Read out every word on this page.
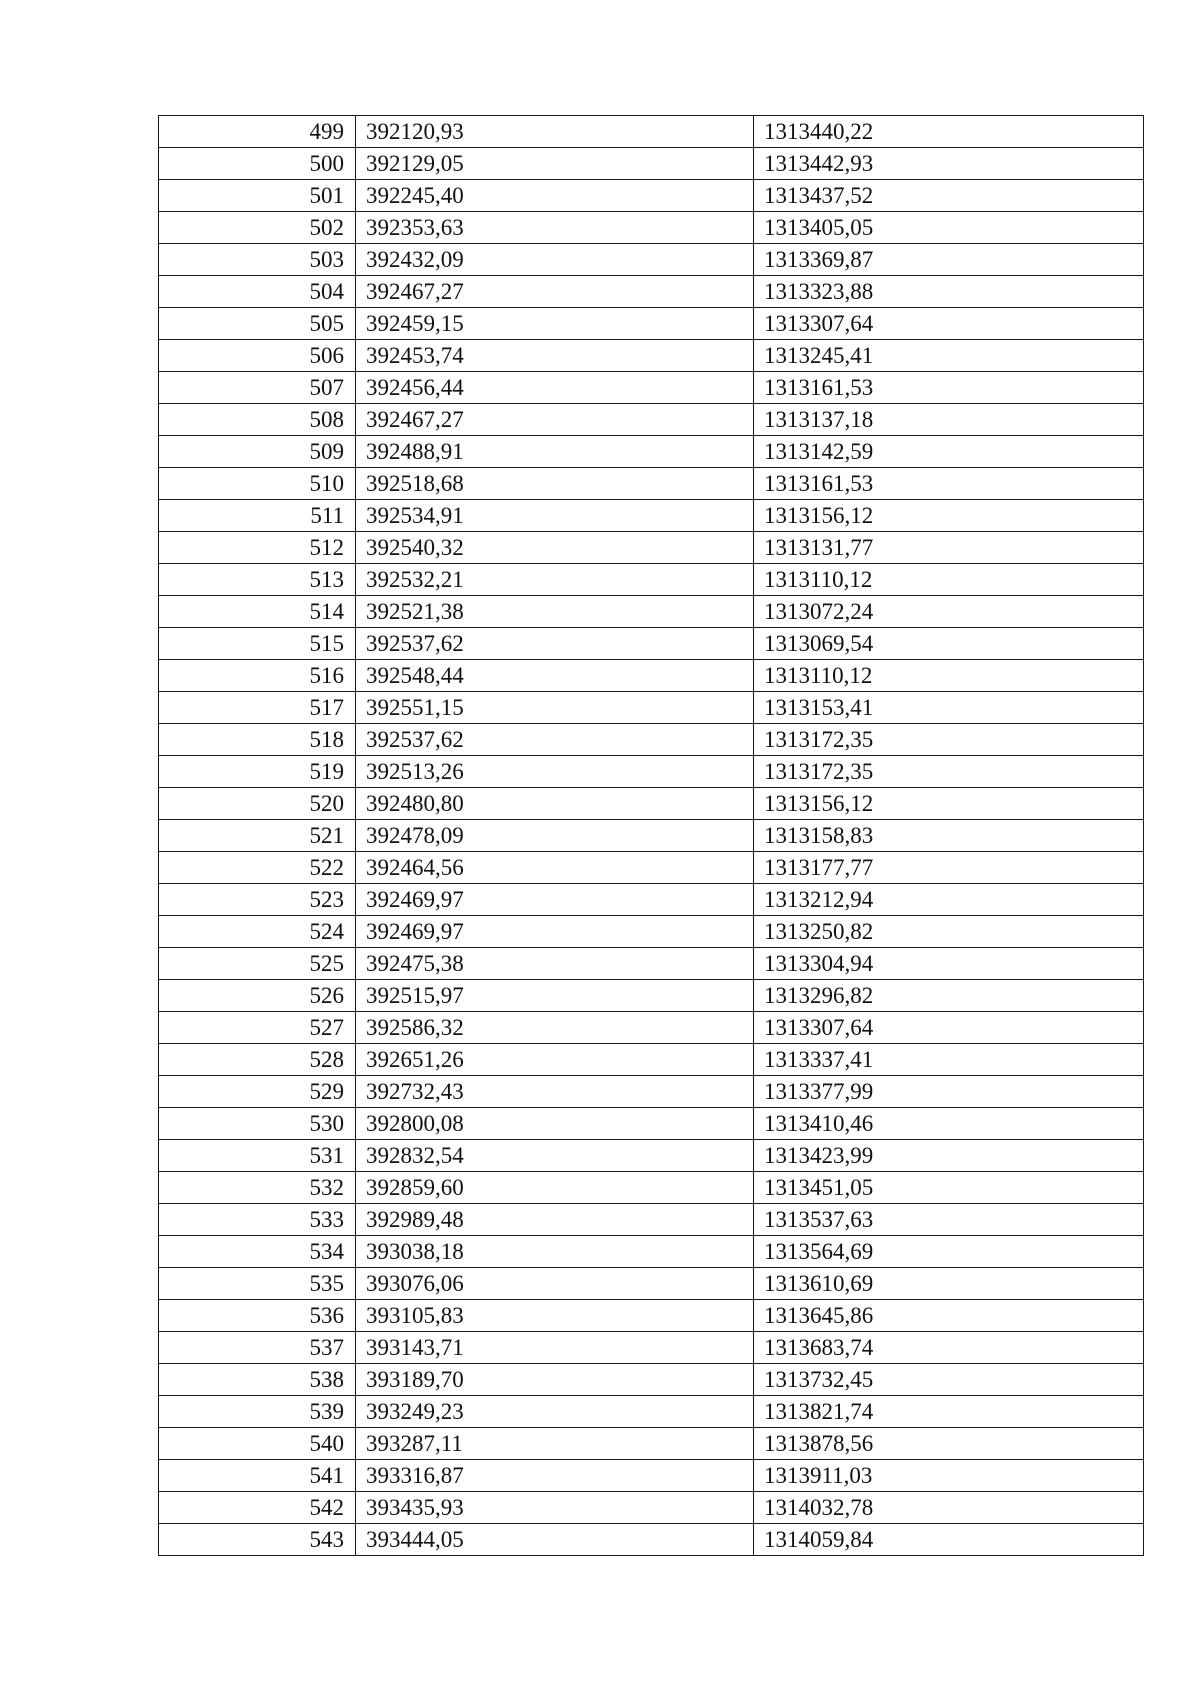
499	392120,93	1313440,22
500	392129,05	1313442,93
501	392245,40	1313437,52
502	392353,63	1313405,05
503	392432,09	1313369,87
504	392467,27	1313323,88
505	392459,15	1313307,64
506	392453,74	1313245,41
507	392456,44	1313161,53
508	392467,27	1313137,18
509	392488,91	1313142,59
510	392518,68	1313161,53
511	392534,91	1313156,12
512	392540,32	1313131,77
513	392532,21	1313110,12
514	392521,38	1313072,24
515	392537,62	1313069,54
516	392548,44	1313110,12
517	392551,15	1313153,41
518	392537,62	1313172,35
519	392513,26	1313172,35
520	392480,80	1313156,12
521	392478,09	1313158,83
522	392464,56	1313177,77
523	392469,97	1313212,94
524	392469,97	1313250,82
525	392475,38	1313304,94
526	392515,97	1313296,82
527	392586,32	1313307,64
528	392651,26	1313337,41
529	392732,43	1313377,99
530	392800,08	1313410,46
531	392832,54	1313423,99
532	392859,60	1313451,05
533	392989,48	1313537,63
534	393038,18	1313564,69
535	393076,06	1313610,69
536	393105,83	1313645,86
537	393143,71	1313683,74
538	393189,70	1313732,45
539	393249,23	1313821,74
540	393287,11	1313878,56
541	393316,87	1313911,03
542	393435,93	1314032,78
543	393444,05	1314059,84
